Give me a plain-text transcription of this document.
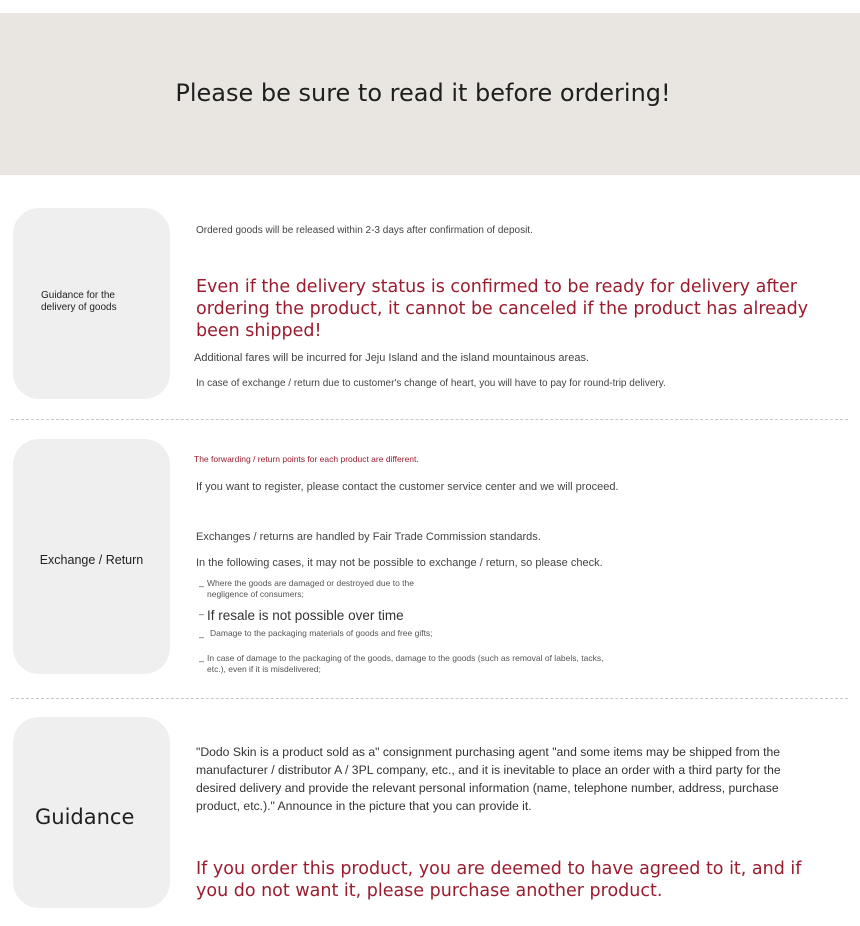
Please be sure to read it before ordering!
Guidance for the delivery of goods
Ordered goods will be released within 2-3 days after confirmation of deposit.
Even if the delivery status is confirmed to be ready for delivery after ordering the product, it cannot be canceled if the product has already been shipped!
Additional fares will be incurred for Jeju Island and the island mountainous areas.
In case of exchange / return due to customer's change of heart, you will have to pay for round-trip delivery.
Exchange / Return
The forwarding / return points for each product are different.
If you want to register, please contact the customer service center and we will proceed.
Exchanges / returns are handled by Fair Trade Commission standards.
In the following cases, it may not be possible to exchange / return, so please check.
– Where the goods are damaged or destroyed due to the negligence of consumers;
– If resale is not possible over time
– Damage to the packaging materials of goods and free gifts;
– In case of damage to the packaging of the goods, damage to the goods (such as removal of labels, tacks, etc.), even if it is misdelivered;
Guidance
"Dodo Skin is a product sold as a" consignment purchasing agent "and some items may be shipped from the manufacturer / distributor A / 3PL company, etc., and it is inevitable to place an order with a third party for the desired delivery and provide the relevant personal information (name, telephone number, address, purchase product, etc.)." Announce in the picture that you can provide it.
If you order this product, you are deemed to have agreed to it, and if you do not want it, please purchase another product.
